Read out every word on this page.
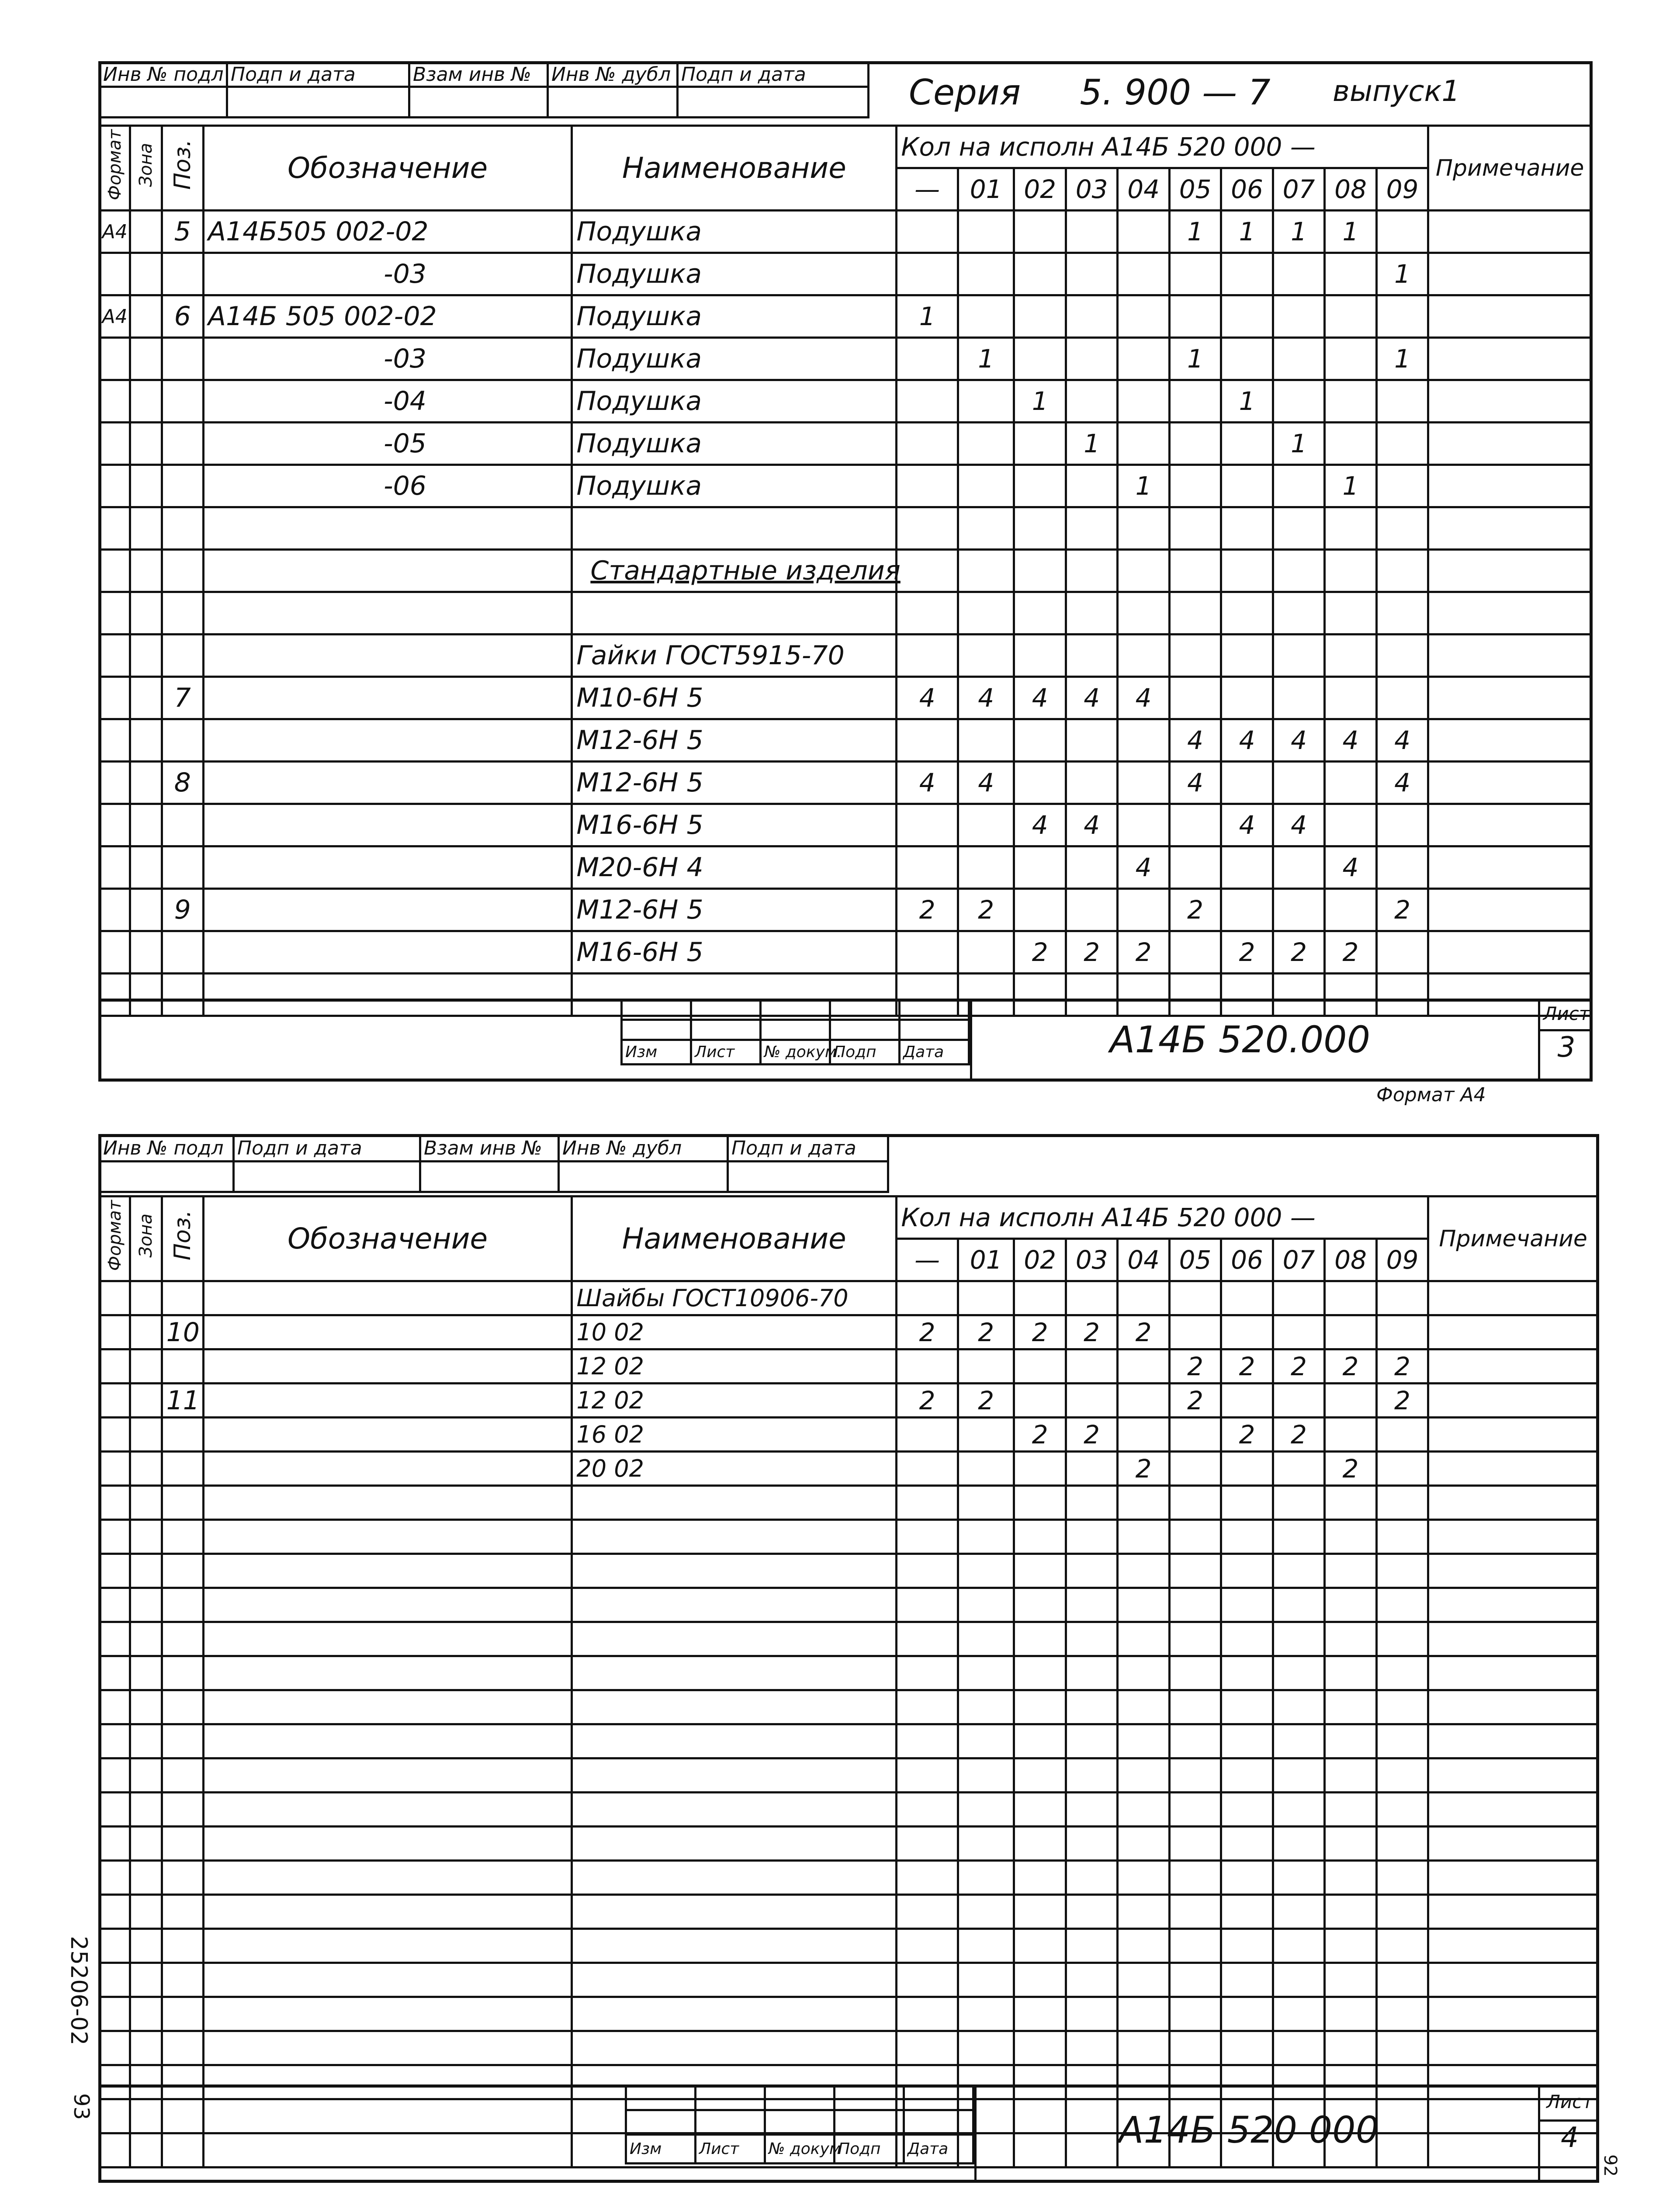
Инв № подл	Подп и дата	Взам инв №	Инв № дубл	Подп и дата
					Серия 5. 900 — 7 выпуск1
Формат	Зона	Поз.	Обозначение	Наименование	Кол на исполн А14Б 520 000 —										Примечание
					—	01	02	03	04	05	06	07	08	09	
А4		5	А14Б505 002-02	Подушка						1	1	1	1		
			-03	Подушка										1	
А4		6	А14Б 505 002-02	Подушка	1										
			-03	Подушка		1				1				1	
			-04	Подушка			1				1				
			-05	Подушка				1				1			
			-06	Подушка					1				1		

				Стандартные изделия											

				Гайки ГОСТ5915-70											
		7		М10-6Н 5	4	4	4	4	4						
				М12-6Н 5						4	4	4	4	4	
		8		М12-6Н 5	4	4				4				4	
				М16-6Н 5			4	4			4	4			
				М20-6Н 4					4				4		
		9		М12-6Н 5	2	2				2				2	
				М16-6Н 5			2	2	2		2	2	2		

Изм	Лист	№ докум.	Подп	Дата	А14Б 520.000
Лист
3
Формат А4
Инв № подл	Подп и дата	Взам инв №	Инв № дубл	Подп и дата

Формат	Зона	Поз.	Обозначение	Наименование	Кол на исполн А14Б 520 000 —										Примечание
					—	01	02	03	04	05	06	07	08	09	
				Шайбы ГОСТ10906-70											
		10		10 02	2	2	2	2	2						
				12 02						2	2	2	2	2	
		11		12 02	2	2				2				2	
				16 02			2	2			2	2			
				20 02					2				2		

Изм	Лист	№ докум	Подп	Дата	А14Б 520 000
Лист
4
25206-02
93
92
